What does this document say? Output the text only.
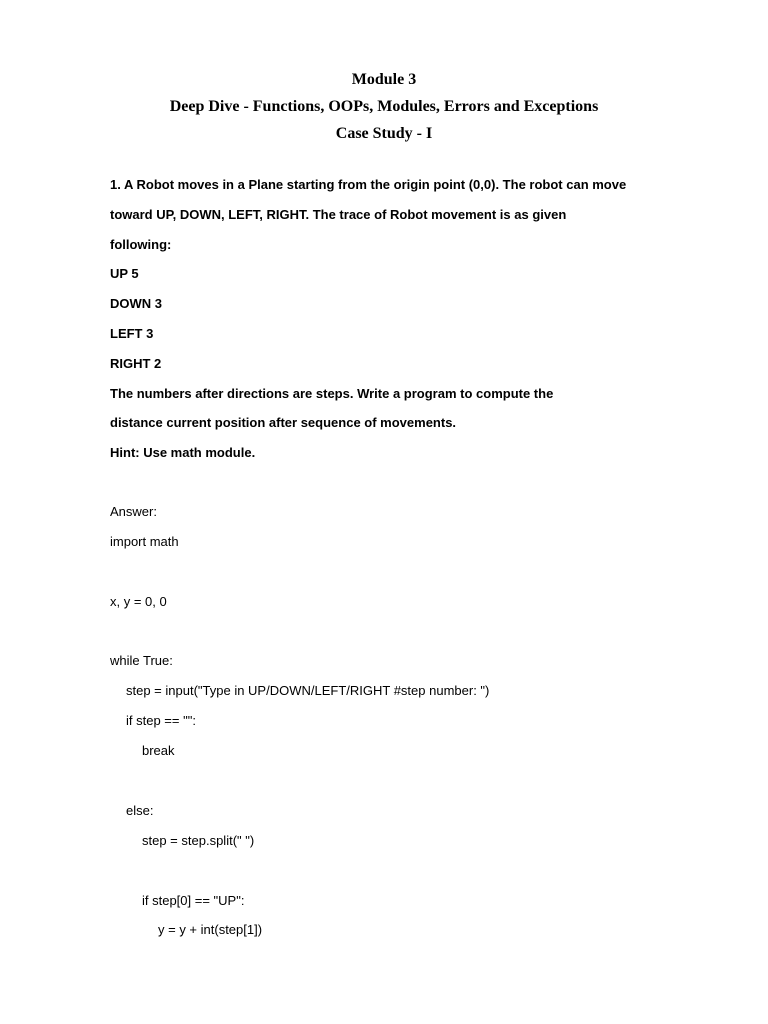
Module 3
Deep Dive - Functions, OOPs, Modules, Errors and Exceptions
Case Study - I
1. A Robot moves in a Plane starting from the origin point (0,0). The robot can move
toward UP, DOWN, LEFT, RIGHT. The trace of Robot movement is as given
following:
UP 5
DOWN 3
LEFT 3
RIGHT 2
The numbers after directions are steps. Write a program to compute the
distance current position after sequence of movements.
Hint: Use math module.
Answer:
import math
x, y = 0, 0
while True:
step = input("Type in UP/DOWN/LEFT/RIGHT #step number: ")
if step == "":
break
else:
step = step.split(" ")
if step[0] == "UP":
y = y + int(step[1])
